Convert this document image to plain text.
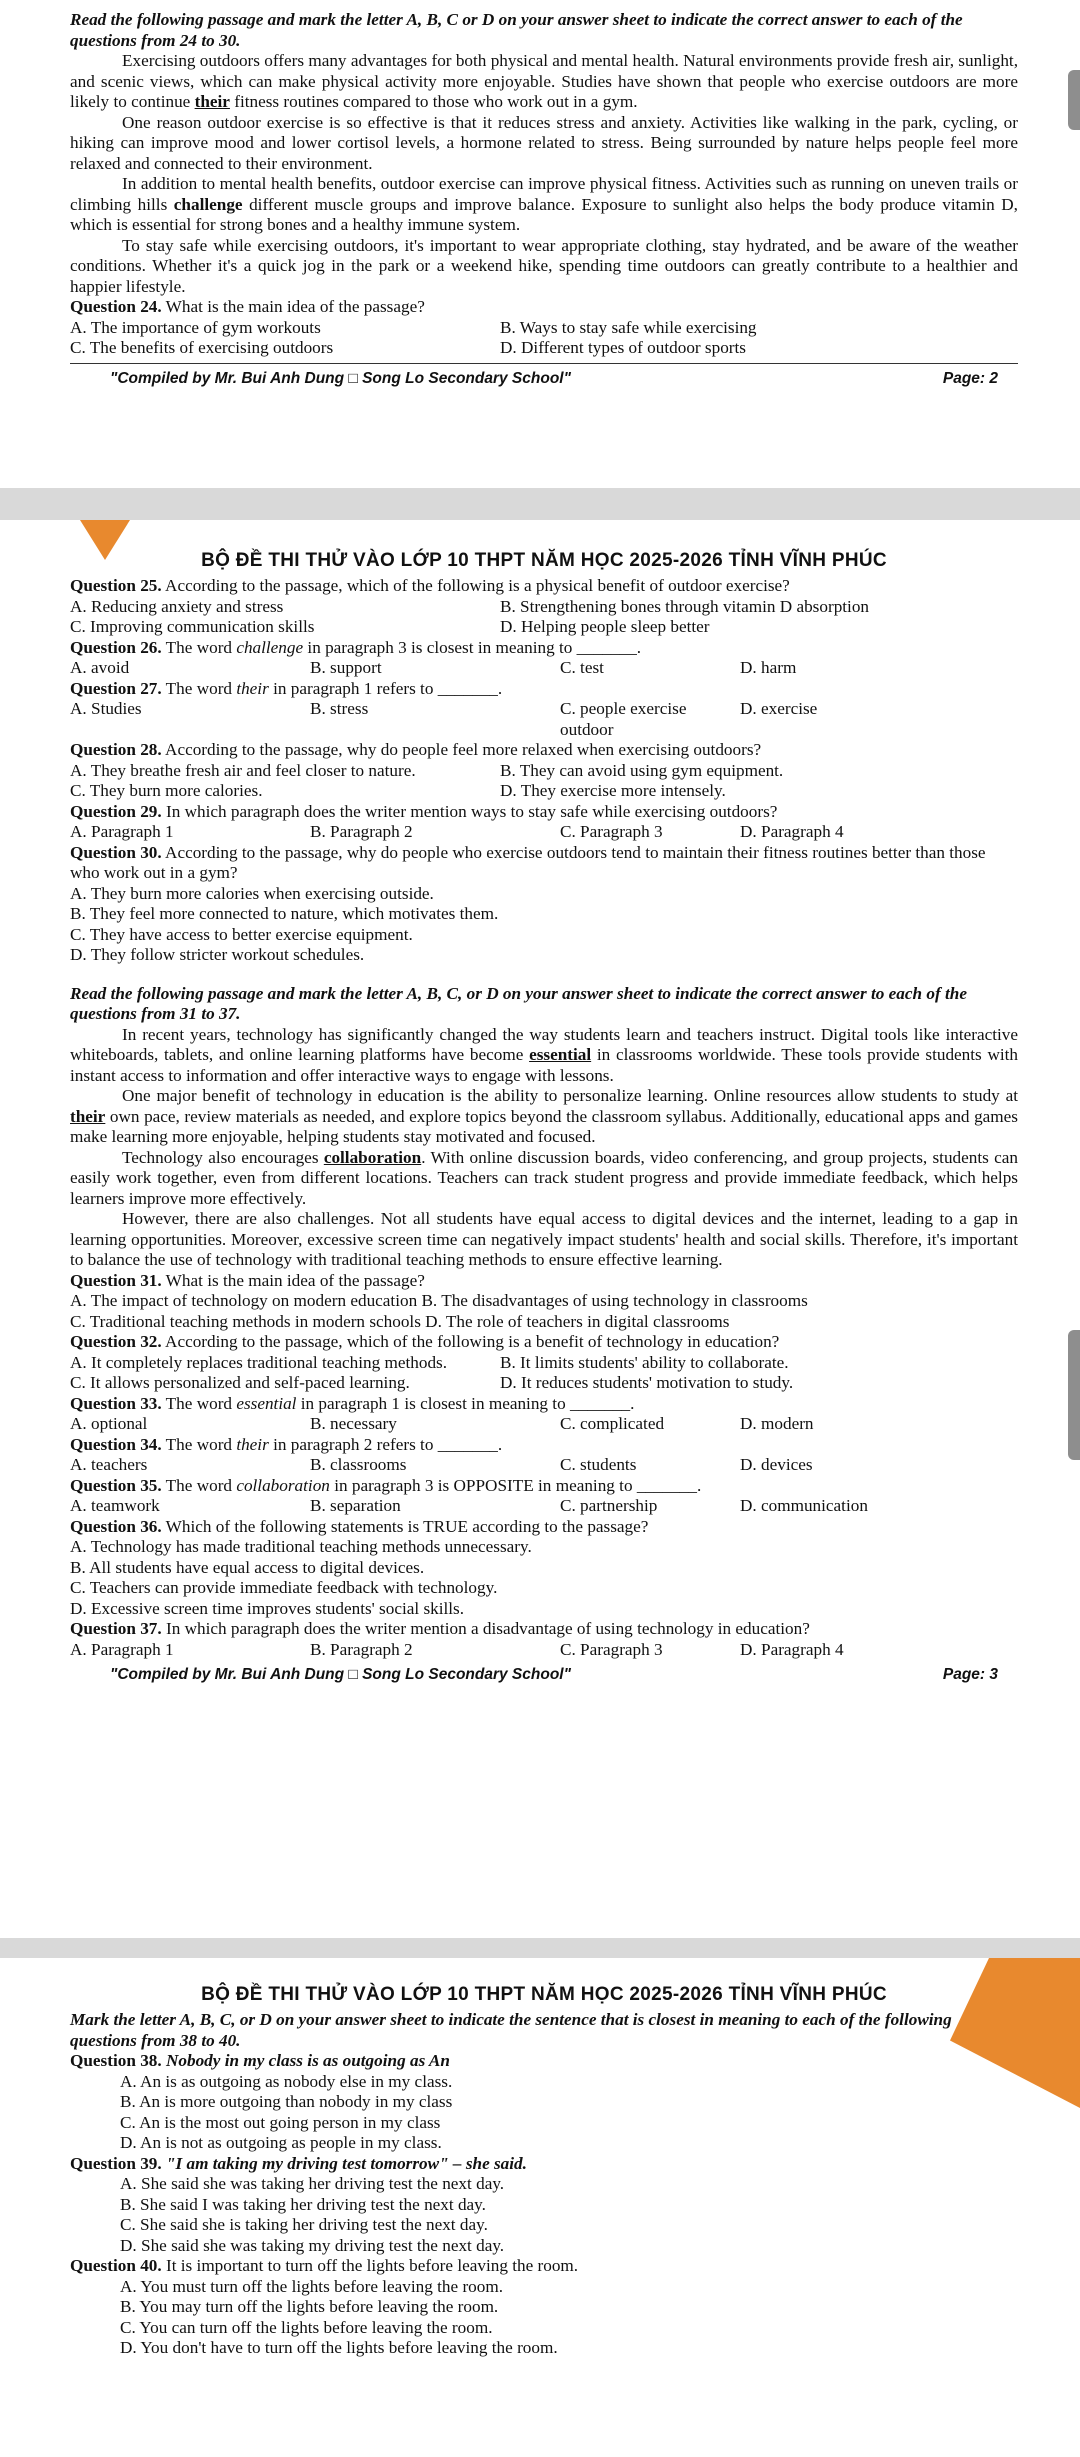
Read the following passage and mark the letter A, B, C or D on your answer sheet to indicate the correct answer to each of the questions from 24 to 30.

Exercising outdoors offers many advantages for both physical and mental health. Natural environments provide fresh air, sunlight, and scenic views, which can make physical activity more enjoyable. Studies have shown that people who exercise outdoors are more likely to continue their fitness routines compared to those who work out in a gym.

One reason outdoor exercise is so effective is that it reduces stress and anxiety. Activities like walking in the park, cycling, or hiking can improve mood and lower cortisol levels, a hormone related to stress. Being surrounded by nature helps people feel more relaxed and connected to their environment.

In addition to mental health benefits, outdoor exercise can improve physical fitness. Activities such as running on uneven trails or climbing hills challenge different muscle groups and improve balance. Exposure to sunlight also helps the body produce vitamin D, which is essential for strong bones and a healthy immune system.

To stay safe while exercising outdoors, it's important to wear appropriate clothing, stay hydrated, and be aware of the weather conditions. Whether it's a quick jog in the park or a weekend hike, spending time outdoors can greatly contribute to a healthier and happier lifestyle.

Question 24. What is the main idea of the passage?

A. The importance of gym workouts	B. Ways to stay safe while exercising
C. The benefits of exercising outdoors	D. Different types of outdoor sports
"Compiled by Mr. Bui Anh Dung □ Song Lo Secondary School"	Page: 2
BỘ ĐỀ THI THỬ VÀO LỚP 10 THPT NĂM HỌC 2025-2026 TỈNH VĨNH PHÚC

Question 25. According to the passage, which of the following is a physical benefit of outdoor exercise?

A. Reducing anxiety and stress	B. Strengthening bones through vitamin D absorption
C. Improving communication skills	D. Helping people sleep better

Question 26. The word challenge in paragraph 3 is closest in meaning to _______.

A. avoid	B. support	C. test	D. harm

Question 27. The word their in paragraph 1 refers to _______.

A. Studies	B. stress	C. people exercise outdoor
D. exercise

Question 28. According to the passage, why do people feel more relaxed when exercising outdoors?

A. They breathe fresh air and feel closer to nature.	B. They can avoid using gym equipment.
C. They burn more calories.	D. They exercise more intensely.

Question 29. In which paragraph does the writer mention ways to stay safe while exercising outdoors?

A. Paragraph 1	B. Paragraph 2	C. Paragraph 3	D. Paragraph 4

Question 30. According to the passage, why do people who exercise outdoors tend to maintain their fitness routines better than those who work out in a gym?

A. They burn more calories when exercising outside.
B. They feel more connected to nature, which motivates them.
C. They have access to better exercise equipment.
D. They follow stricter workout schedules.

Read the following passage and mark the letter A, B, C, or D on your answer sheet to indicate the correct answer to each of the questions from 31 to 37.

In recent years, technology has significantly changed the way students learn and teachers instruct. Digital tools like interactive whiteboards, tablets, and online learning platforms have become essential in classrooms worldwide. These tools provide students with instant access to information and offer interactive ways to engage with lessons.

One major benefit of technology in education is the ability to personalize learning. Online resources allow students to study at their own pace, review materials as needed, and explore topics beyond the classroom syllabus. Additionally, educational apps and games make learning more enjoyable, helping students stay motivated and focused.

Technology also encourages collaboration. With online discussion boards, video conferencing, and group projects, students can easily work together, even from different locations. Teachers can track student progress and provide immediate feedback, which helps learners improve more effectively.

However, there are also challenges. Not all students have equal access to digital devices and the internet, leading to a gap in learning opportunities. Moreover, excessive screen time can negatively impact students' health and social skills. Therefore, it's important to balance the use of technology with traditional teaching methods to ensure effective learning.

Question 31. What is the main idea of the passage?

A. The impact of technology on modern education B. The disadvantages of using technology in classrooms
C. Traditional teaching methods in modern schools D. The role of teachers in digital classrooms

Question 32. According to the passage, which of the following is a benefit of technology in education?

A. It completely replaces traditional teaching methods.	B. It limits students' ability to collaborate.
C. It allows personalized and self-paced learning.	D. It reduces students' motivation to study.

Question 33. The word essential in paragraph 1 is closest in meaning to _______.

A. optional	B. necessary	C. complicated	D. modern

Question 34. The word their in paragraph 2 refers to _______.

A. teachers	B. classrooms	C. students	D. devices

Question 35. The word collaboration in paragraph 3 is OPPOSITE in meaning to _______.

A. teamwork	B. separation	C. partnership	D. communication

Question 36. Which of the following statements is TRUE according to the passage?

A. Technology has made traditional teaching methods unnecessary.
B. All students have equal access to digital devices.
C. Teachers can provide immediate feedback with technology.
D. Excessive screen time improves students' social skills.

Question 37. In which paragraph does the writer mention a disadvantage of using technology in education?

A. Paragraph 1	B. Paragraph 2	C. Paragraph 3	D. Paragraph 4
"Compiled by Mr. Bui Anh Dung □ Song Lo Secondary School"	Page: 3
BỘ ĐỀ THI THỬ VÀO LỚP 10 THPT NĂM HỌC 2025-2026 TỈNH VĨNH PHÚC

Mark the letter A, B, C, or D on your answer sheet to indicate the sentence that is closest in meaning to each of the following questions from 38 to 40.

Question 38. Nobody in my class is as outgoing as An

A. An is as outgoing as nobody else in my class.
B. An is more outgoing than nobody in my class
C. An is the most out going person in my class
D. An is not as outgoing as people in my class.

Question 39. "I am taking my driving test tomorrow" – she said.

A. She said she was taking her driving test the next day.
B. She said I was taking her driving test the next day.
C. She said she is taking her driving test the next day.
D. She said she was taking my driving test the next day.

Question 40. It is important to turn off the lights before leaving the room.

A. You must turn off the lights before leaving the room.
B. You may turn off the lights before leaving the room.
C. You can turn off the lights before leaving the room.
D. You don't have to turn off the lights before leaving the room.
